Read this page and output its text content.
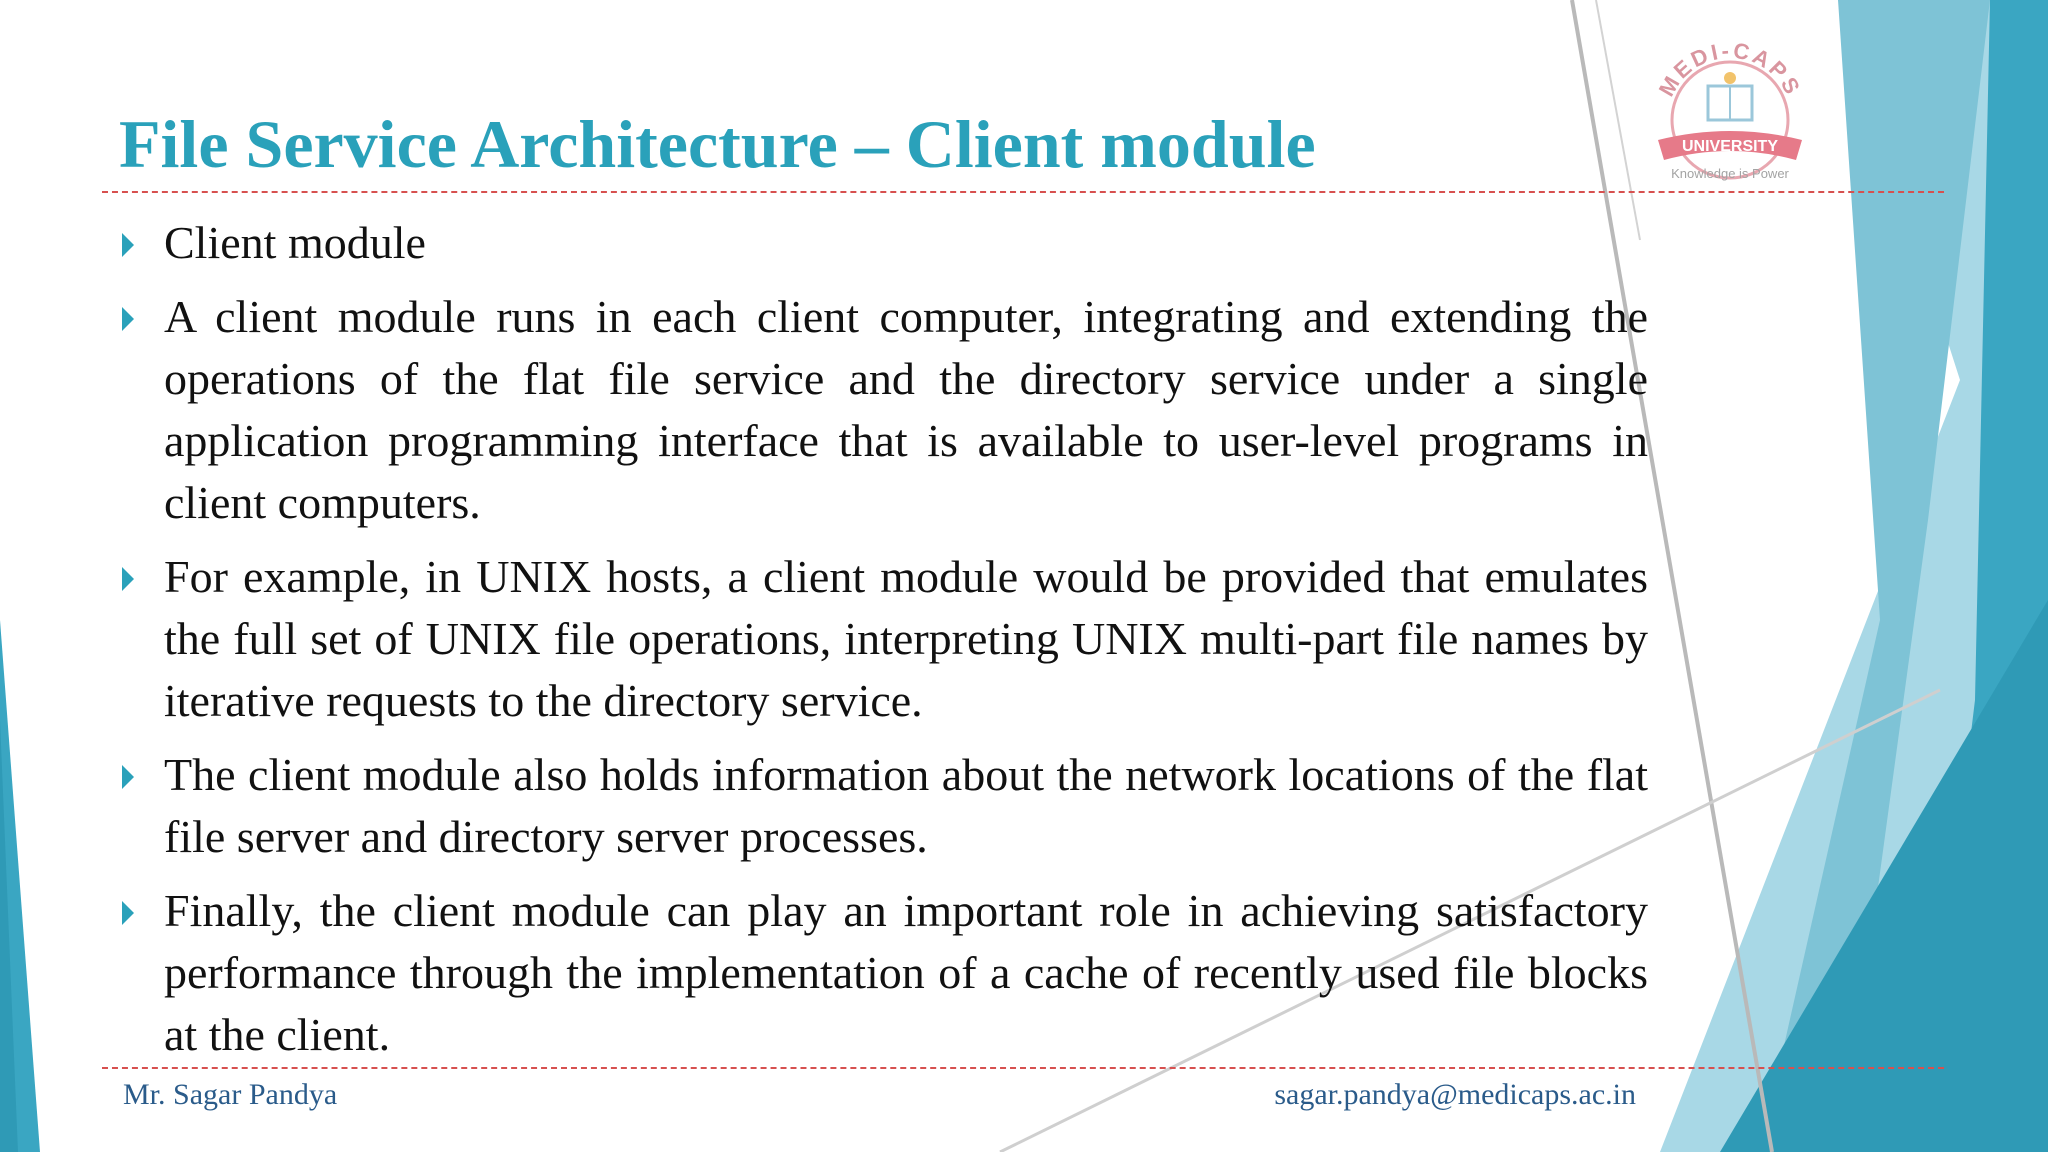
MEDI-CAPS
UNIVERSITY
Knowledge is Power
File Service Architecture – Client module
Client module
A client module runs in each client computer, integrating and extending the operations of the flat file service and the directory service under a single application programming interface that is available to user-level programs in client computers.
For example, in UNIX hosts, a client module would be provided that emulates the full set of UNIX file operations, interpreting UNIX multi-part file names by iterative requests to the directory service.
The client module also holds information about the network locations of the flat file server and directory server processes.
Finally, the client module can play an important role in achieving satisfactory performance through the implementation of a cache of recently used file blocks at the client.
Mr. Sagar Pandya	sagar.pandya@medicaps.ac.in
